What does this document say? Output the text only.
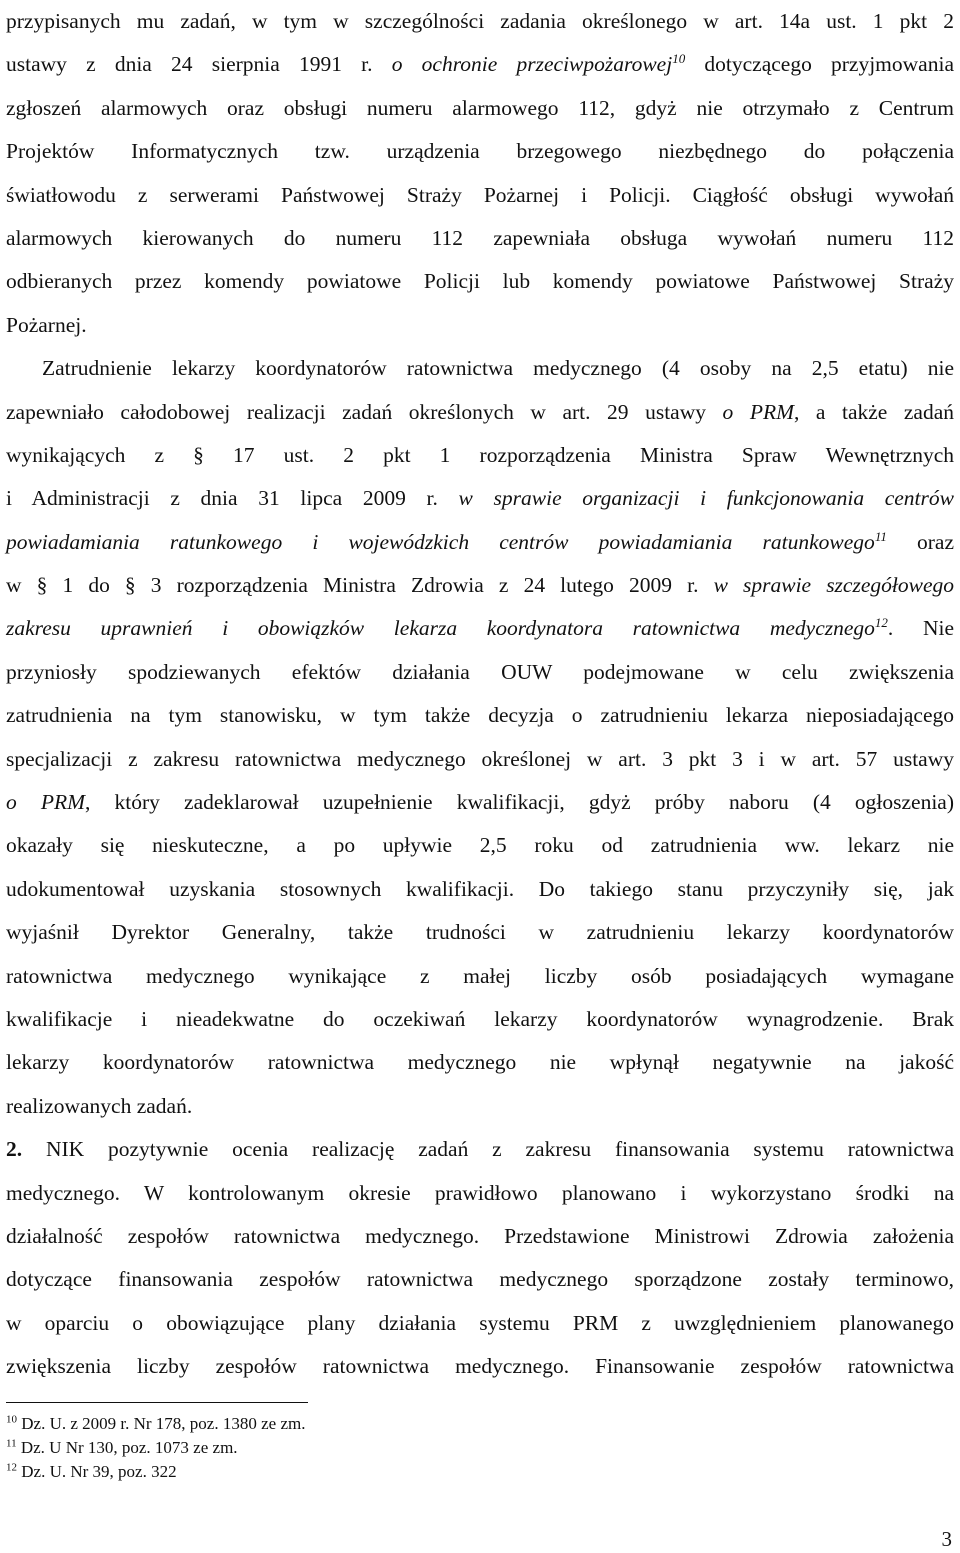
przypisanych mu zadań, w tym w szczególności zadania określonego w art. 14a ust. 1 pkt 2
ustawy z dnia 24 sierpnia 1991 r. o ochronie przeciwpożarowej$^{10}$ dotyczącego przyjmowania
zgłoszeń alarmowych oraz obsługi numeru alarmowego 112, gdyż nie otrzymało z Centrum
Projektów Informatycznych tzw. urządzenia brzegowego niezbędnego do połączenia
światłowodu z serwerami Państwowej Straży Pożarnej i Policji. Ciągłość obsługi wywołań
alarmowych kierowanych do numeru 112 zapewniała obsługa wywołań numeru 112
odbieranych przez komendy powiatowe Policji lub komendy powiatowe Państwowej Straży
Pożarnej.
Zatrudnienie lekarzy koordynatorów ratownictwa medycznego (4 osoby na 2,5 etatu) nie
zapewniało całodobowej realizacji zadań określonych w art. 29 ustawy o PRM, a także zadań
wynikających z § 17 ust. 2 pkt 1 rozporządzenia Ministra Spraw Wewnętrznych
i Administracji z dnia 31 lipca 2009 r. w sprawie organizacji i funkcjonowania centrów
powiadamiania ratunkowego i wojewódzkich centrów powiadamiania ratunkowego$^{11}$ oraz
w § 1 do § 3 rozporządzenia Ministra Zdrowia z 24 lutego 2009 r. w sprawie szczegółowego
zakresu uprawnień i obowiązków lekarza koordynatora ratownictwa medycznego$^{12}$. Nie
przyniosły spodziewanych efektów działania OUW podejmowane w celu zwiększenia
zatrudnienia na tym stanowisku, w tym także decyzja o zatrudnieniu lekarza nieposiadającego
specjalizacji z zakresu ratownictwa medycznego określonej w art. 3 pkt 3 i w art. 57 ustawy
o PRM, który zadeklarował uzupełnienie kwalifikacji, gdyż próby naboru (4 ogłoszenia)
okazały się nieskuteczne, a po upływie 2,5 roku od zatrudnienia ww. lekarz nie
udokumentował uzyskania stosownych kwalifikacji. Do takiego stanu przyczyniły się, jak
wyjaśnił Dyrektor Generalny, także trudności w zatrudnieniu lekarzy koordynatorów
ratownictwa medycznego wynikające z małej liczby osób posiadających wymagane
kwalifikacje i nieadekwatne do oczekiwań lekarzy koordynatorów wynagrodzenie. Brak
lekarzy koordynatorów ratownictwa medycznego nie wpłynął negatywnie na jakość
realizowanych zadań.
2. NIK pozytywnie ocenia realizację zadań z zakresu finansowania systemu ratownictwa
medycznego. W kontrolowanym okresie prawidłowo planowano i wykorzystano środki na
działalność zespołów ratownictwa medycznego. Przedstawione Ministrowi Zdrowia założenia
dotyczące finansowania zespołów ratownictwa medycznego sporządzone zostały terminowo,
w oparciu o obowiązujące plany działania systemu PRM z uwzględnieniem planowanego
zwiększenia liczby zespołów ratownictwa medycznego. Finansowanie zespołów ratownictwa
$^{10}$ Dz. U. z 2009 r. Nr 178, poz. 1380 ze zm.
$^{11}$ Dz. U Nr 130, poz. 1073 ze zm.
$^{12}$ Dz. U. Nr 39, poz. 322
3
